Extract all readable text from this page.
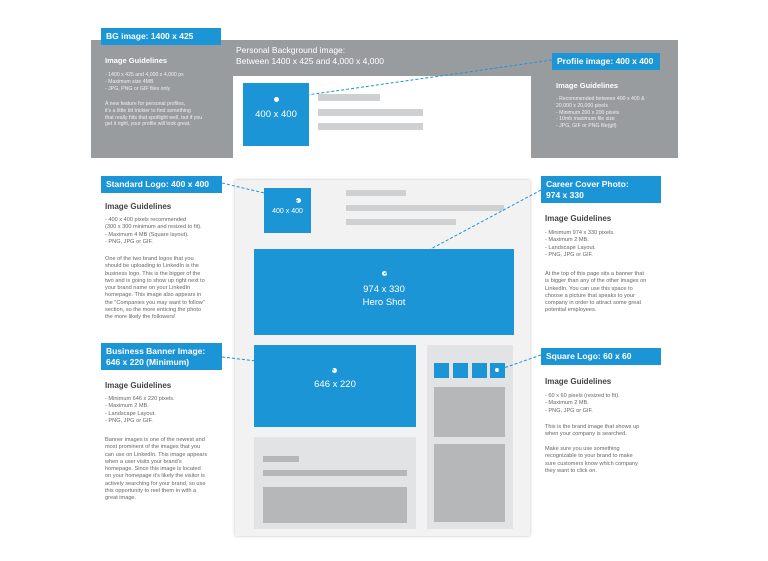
Personal Background image:
Between 1400 x 425 and 4,000 x 4,000
BG image: 1400 x 425
Image Guidelines
- 1400 x 425 and 4,000 x 4,000 px
- Maximum size 4MB
- JPG, PNG or GIF files only
A new feature for personal profiles,
it's a little bit trickier to find something
that really hits that spotlight well, but if you
get it right, your profile will look great.
Profile image: 400 x 400
Image Guidelines
- Recommended between 400 x 400 &
20,000 x 20,000 pixels
- Minimum 200 x 200 pixels
- 10mb maximum file size
- JPG, GIF or PNG file(gif)
400 x 400
400 x 400
974 x 330
Hero Shot
646 x 220
Standard Logo: 400 x 400
Image Guidelines
- 400 x 400 pixels recommended
(300 x 300 minimum and resized to fit).
- Maximum 4 MB (Square layout).
- PNG, JPG or GIF.
One of the two brand logos that you
should be uploading to LinkedIn is the
business logo. This is the bigger of the
two and is going to show up right next to
your brand name on your LinkedIn
homepage. This image also appears in
the "Companies you may want to follow"
section, so the more enticing the photo
the more likely the followers!
Business Banner Image:
646 x 220 (Minimum)
Image Guidelines
- Minimum 646 x 220 pixels.
- Maximum 2 MB.
- Landscape Layout.
- PNG, JPG or GIF.
Banner images is one of the newest and
most prominent of the images that you
can use on LinkedIn. This image appears
when a user visits your brand's
homepage. Since this image is located
on your homepage it's likely the visitor is
actively searching for your brand, so use
this opportunity to reel them in with a
great image.
Career Cover Photo:
974 x 330
Image Guidelines
- Minimum 974 x 330 pixels.
- Maximum 2 MB.
- Landscape Layout.
- PNG, JPG or GIF.
At the top of this page sits a banner that
is bigger than any of the other images on
LinkedIn. You can use this space to
choose a picture that speaks to your
company in order to attract some great
potential employees.
Square Logo: 60 x 60
Image Guidelines
- 60 x 60 pixels (resized to fit).
- Maximum 2 MB.
- PNG, JPG or GIF.
This is the brand image that shows up
when your company is searched.
Make sure you use something
recognizable to your brand to make
sure customers know which company
they want to click on.
